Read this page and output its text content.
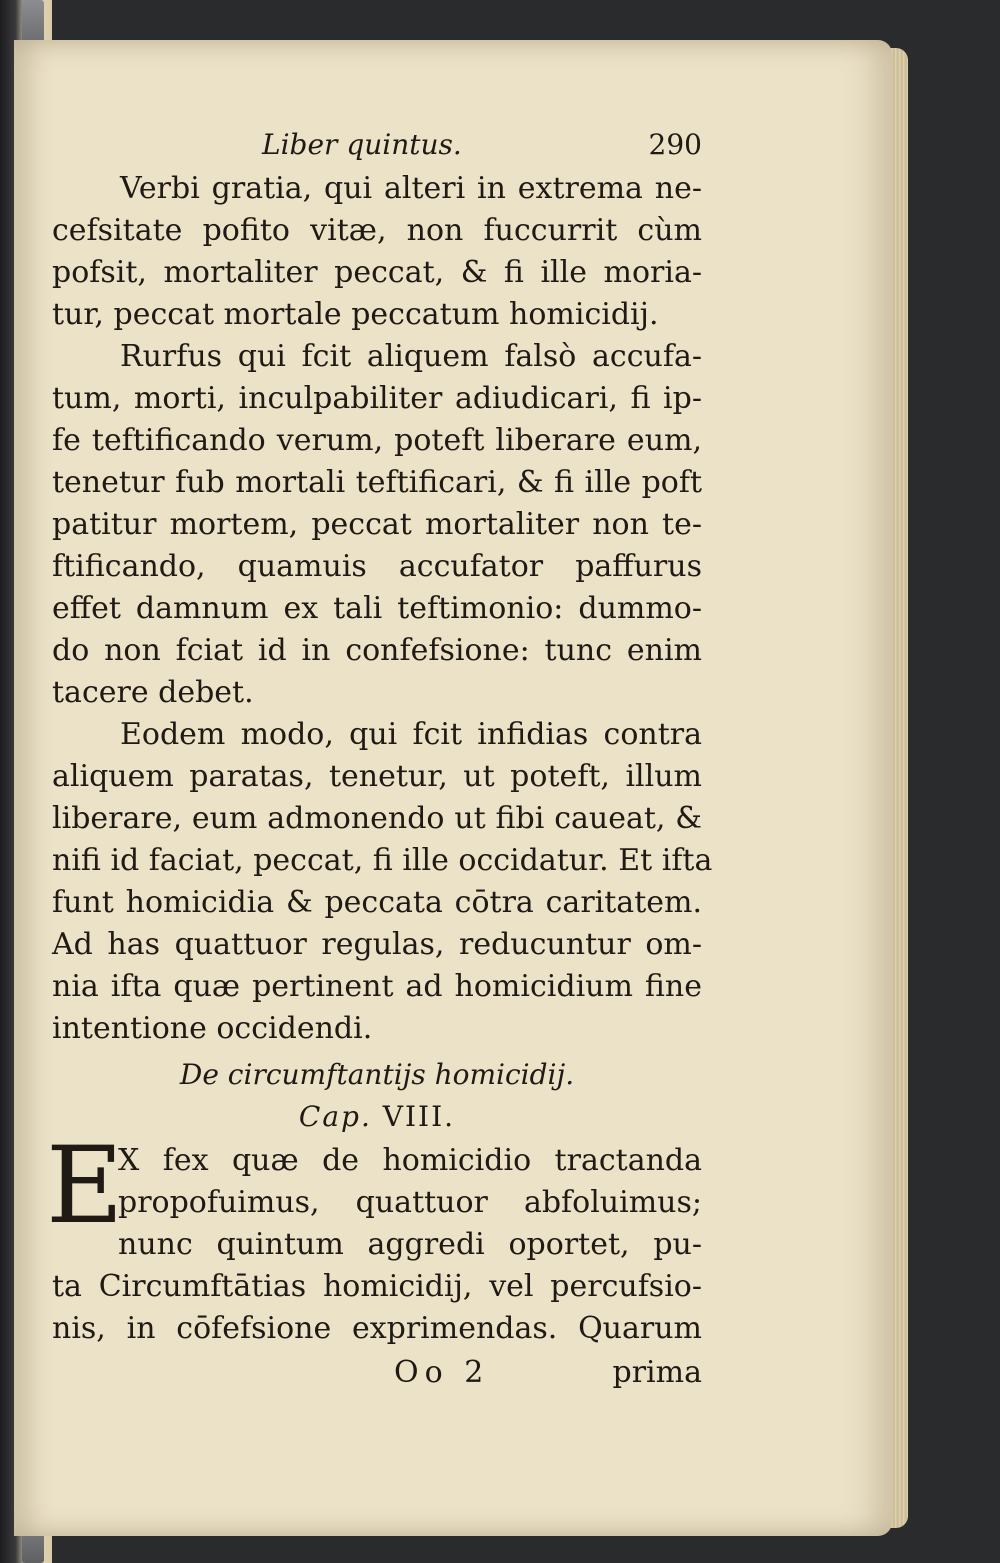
Liber quintus.	290
Verbi gratia, qui alteri in extrema ne-
cefsitate pofito vitæ, non fuccurrit cùm
pofsit, mortaliter peccat, & fi ille moria-
tur, peccat mortale peccatum homicidij.
Rurfus qui fcit aliquem falsò accufa-
tum, morti, inculpabiliter adiudicari, fi ip-
fe teftificando verum, poteft liberare eum,
tenetur fub mortali teftificari, & fi ille poft
patitur mortem, peccat mortaliter non te-
ftificando, quamuis accufator paffurus
effet damnum ex tali teftimonio: dummo-
do non fciat id in confefsione: tunc enim
tacere debet.
Eodem modo, qui fcit infidias contra
aliquem paratas, tenetur, ut poteft, illum
liberare, eum admonendo ut fibi caueat, &
nifi id faciat, peccat, fi ille occidatur. Et ifta
funt homicidia & peccata cōtra caritatem.
Ad has quattuor regulas, reducuntur om-
nia ifta quæ pertinent ad homicidium fine
intentione occidendi.
De circumftantijs homicidij.
Cap. VIII.
E
X fex quæ de homicidio tractanda
propofuimus, quattuor abfoluimus;
nunc quintum aggredi oportet, pu-
ta Circumftātias homicidij, vel percufsio-
nis, in cōfefsione exprimendas. Quarum
Oo 2	prima
